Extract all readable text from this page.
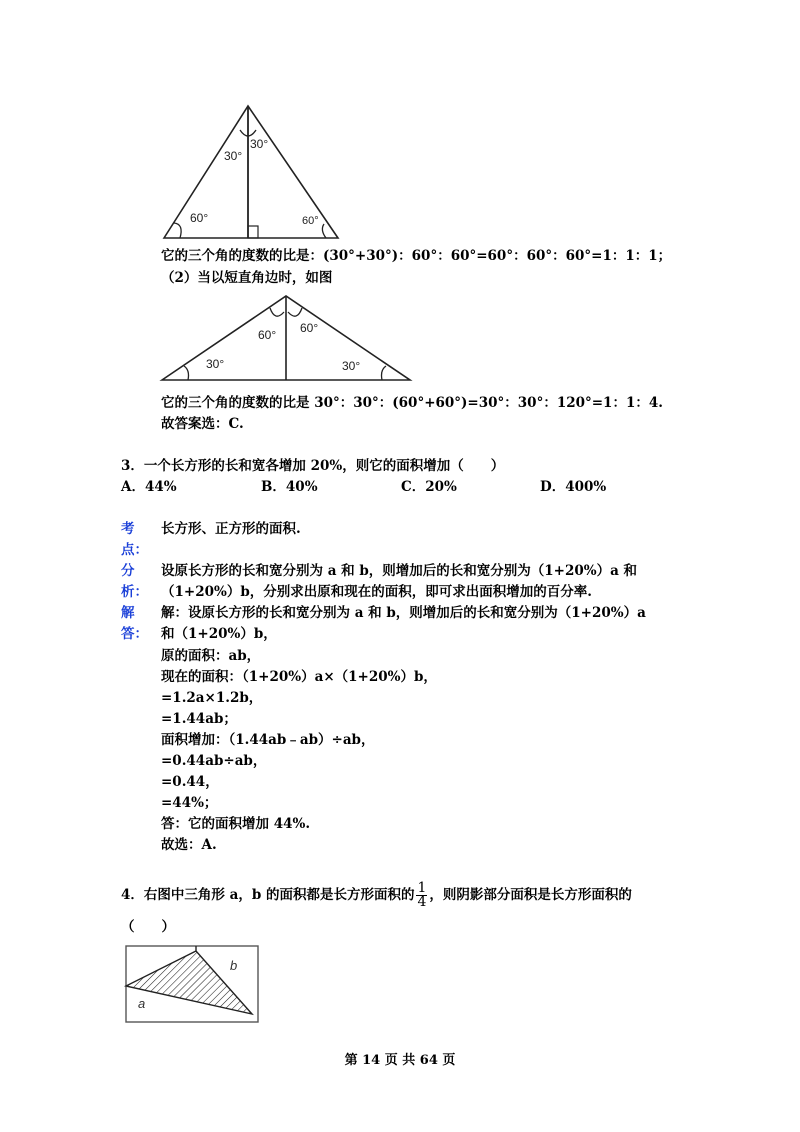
30°
30°
60°	60°
它的三个角的度数的比是：(30°+30°)：60°：60°=60°：60°：60°=1：1：1；
（2）当以短直角边时，如图
60° 60°
30°	30°
它的三个角的度数的比是 30°：30°：(60°+60°)=30°：30°：120°=1：1：4.
故答案选：C.
3．一个长方形的长和宽各增加 20%，则它的面积增加（　　）
A．44%	B．40%	C．20%	D．400%
考
点：
长方形、正方形的面积.
分
析：
设原长方形的长和宽分别为 a 和 b，则增加后的长和宽分别为（1+20%）a 和
（1+20%）b，分别求出原和现在的面积，即可求出面积增加的百分率.
解
答：
解：设原长方形的长和宽分别为 a 和 b，则增加后的长和宽分别为（1+20%）a
和（1+20%）b，
原的面积：ab，
现在的面积：（1+20%）a×（1+20%）b，
=1.2a×1.2b，
=1.44ab；
面积增加：（1.44ab﹣ab）÷ab，
=0.44ab÷ab，
=0.44，
=44%；
答：它的面积增加 44%.
故选：A.
4．右图中三角形 a，b 的面积都是长方形面积的 $\frac{1}{4}$ ，则阴影部分面积是长方形面积的
（　　）
a
b
第 14 页 共 64 页
